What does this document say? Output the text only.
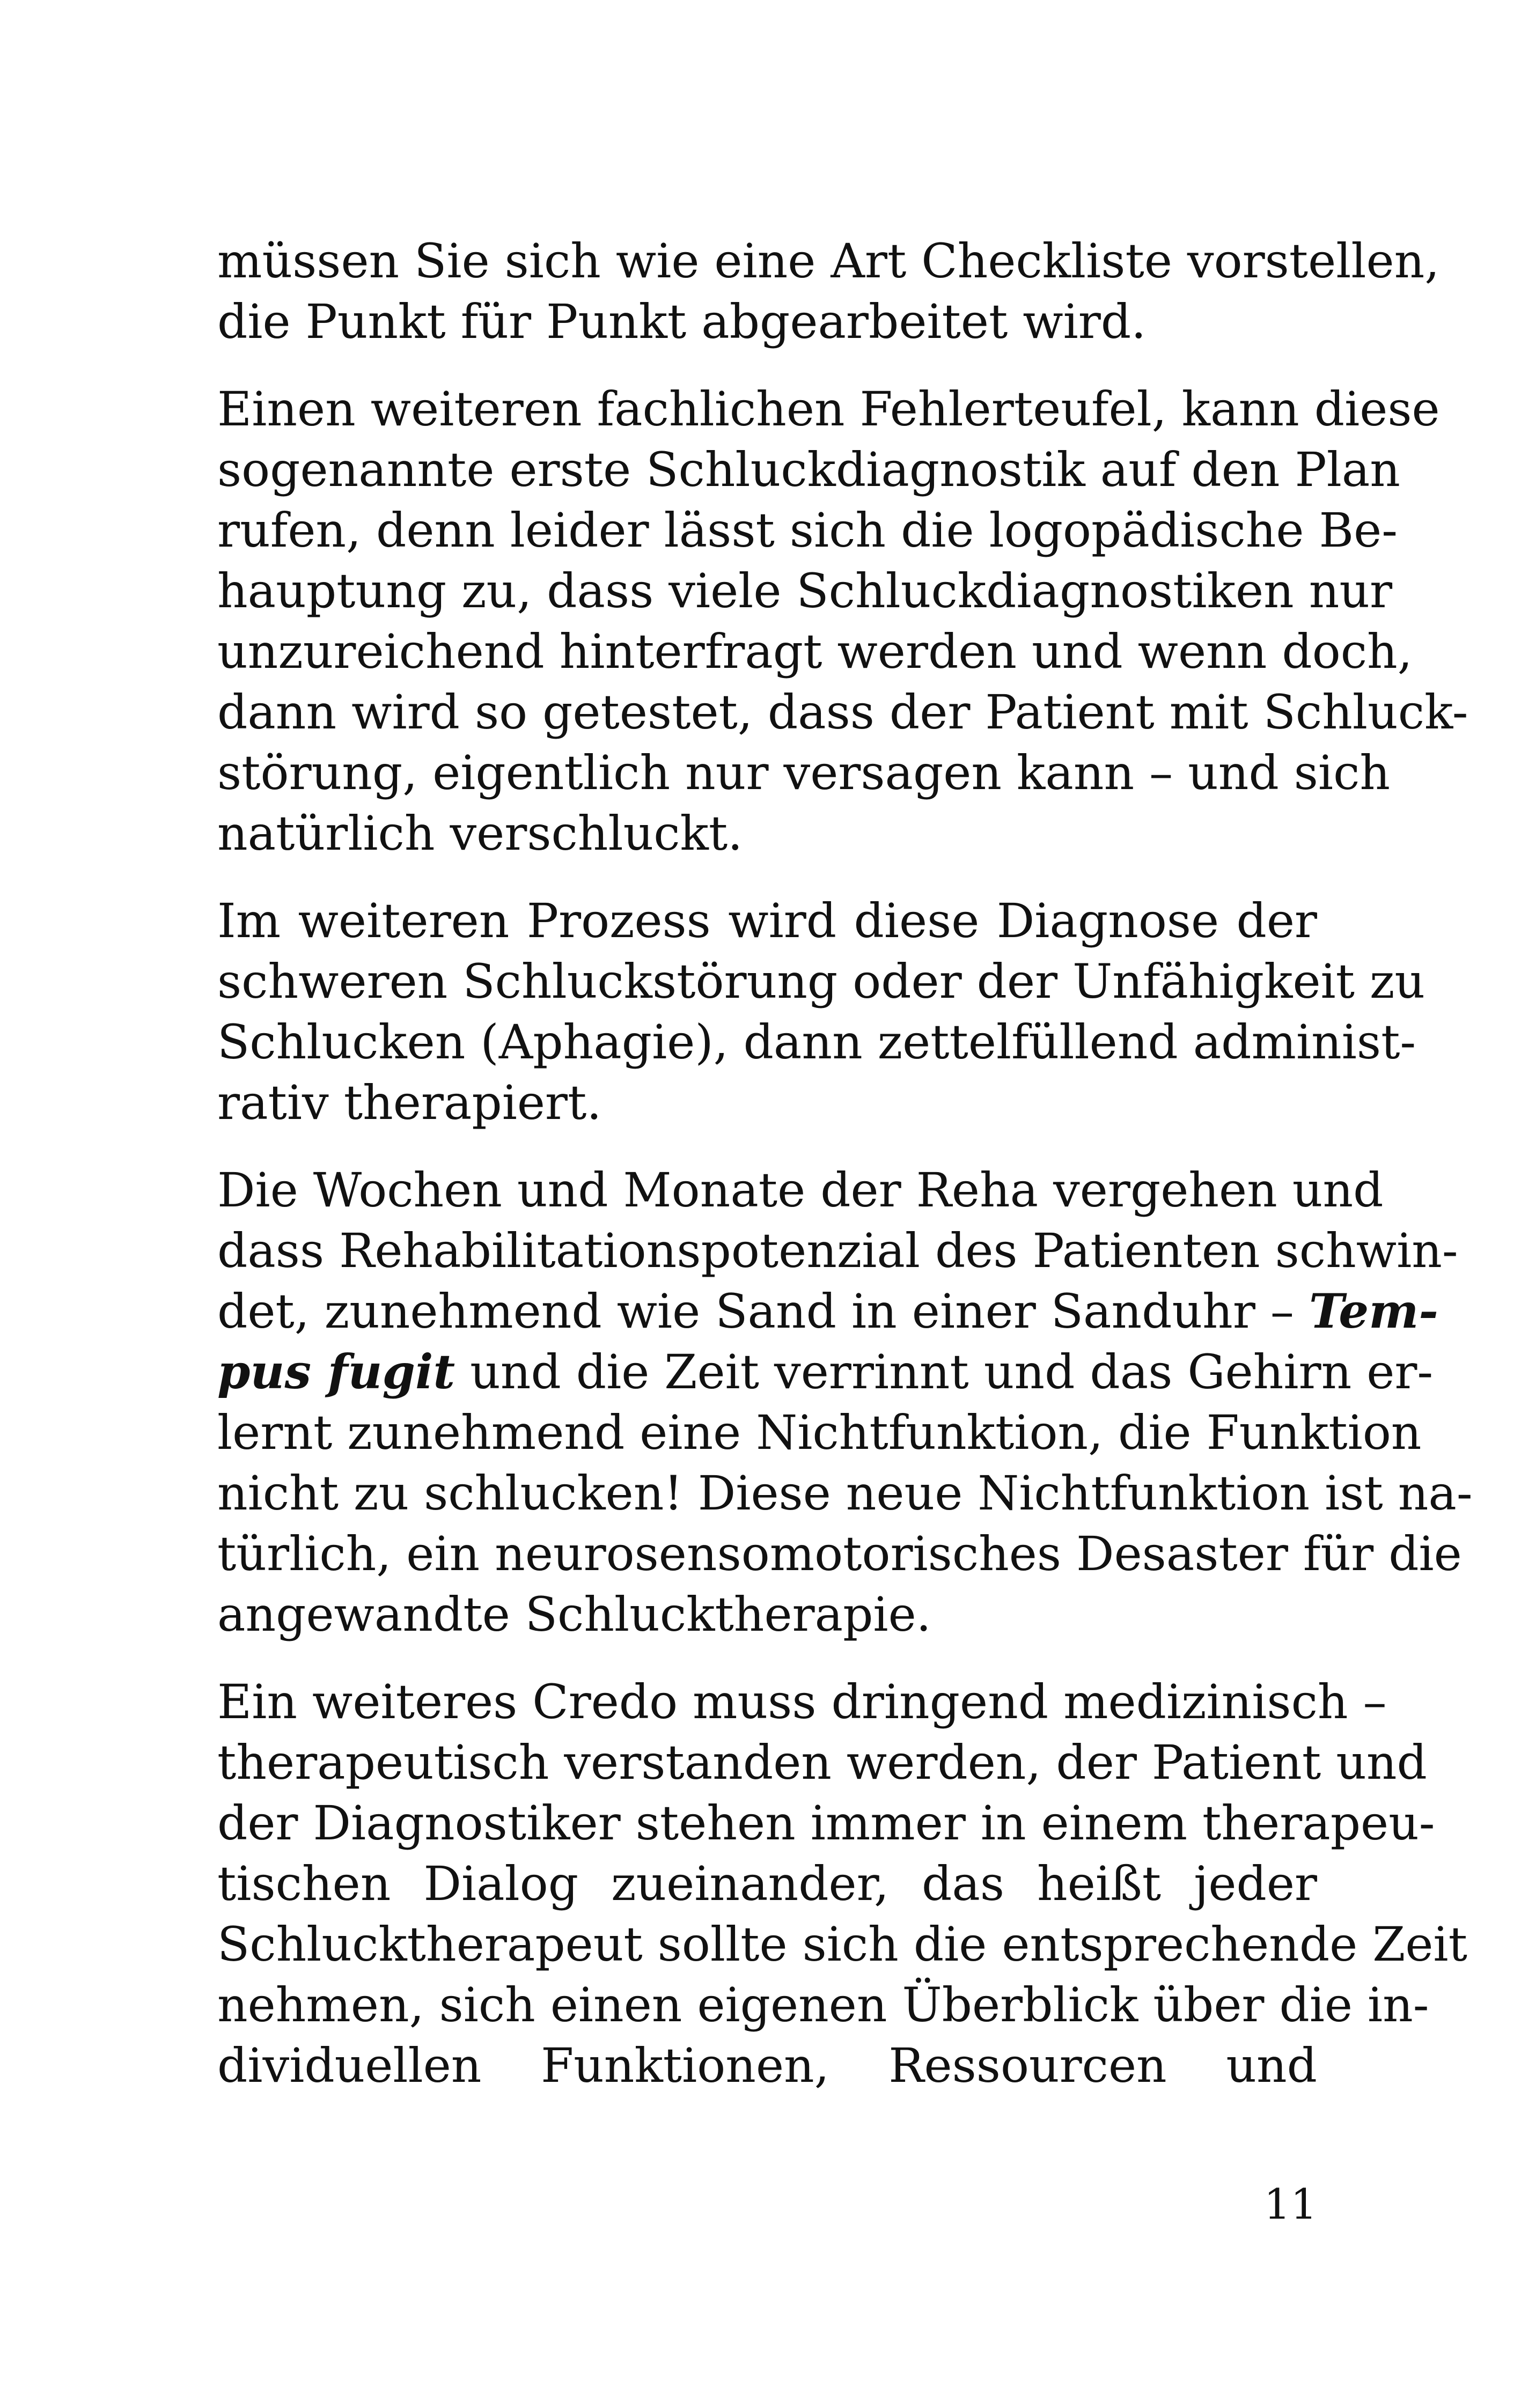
müssen Sie sich wie eine Art Checkliste vorstellen,
die Punkt für Punkt abgearbeitet wird.
Einen weiteren fachlichen Fehlerteufel, kann diese
sogenannte erste Schluckdiagnostik auf den Plan
rufen, denn leider lässt sich die logopädische Be-
hauptung zu, dass viele Schluckdiagnostiken nur
unzureichend hinterfragt werden und wenn doch,
dann wird so getestet, dass der Patient mit Schluck-
störung, eigentlich nur versagen kann – und sich
natürlich verschluckt.
Im weiteren Prozess wird diese Diagnose der
schweren Schluckstörung oder der Unfähigkeit zu
Schlucken (Aphagie), dann zettelfüllend administ-
rativ therapiert.
Die Wochen und Monate der Reha vergehen und
dass Rehabilitationspotenzial des Patienten schwin-
det, zunehmend wie Sand in einer Sanduhr – Tem-
pus fugit und die Zeit verrinnt und das Gehirn er-
lernt zunehmend eine Nichtfunktion, die Funktion
nicht zu schlucken! Diese neue Nichtfunktion ist na-
türlich, ein neurosensomotorisches Desaster für die
angewandte Schlucktherapie.
Ein weiteres Credo muss dringend medizinisch –
therapeutisch verstanden werden, der Patient und
der Diagnostiker stehen immer in einem therapeu-
tischen Dialog zueinander, das heißt jeder
Schlucktherapeut sollte sich die entsprechende Zeit
nehmen, sich einen eigenen Überblick über die in-
dividuellen Funktionen, Ressourcen und
11
